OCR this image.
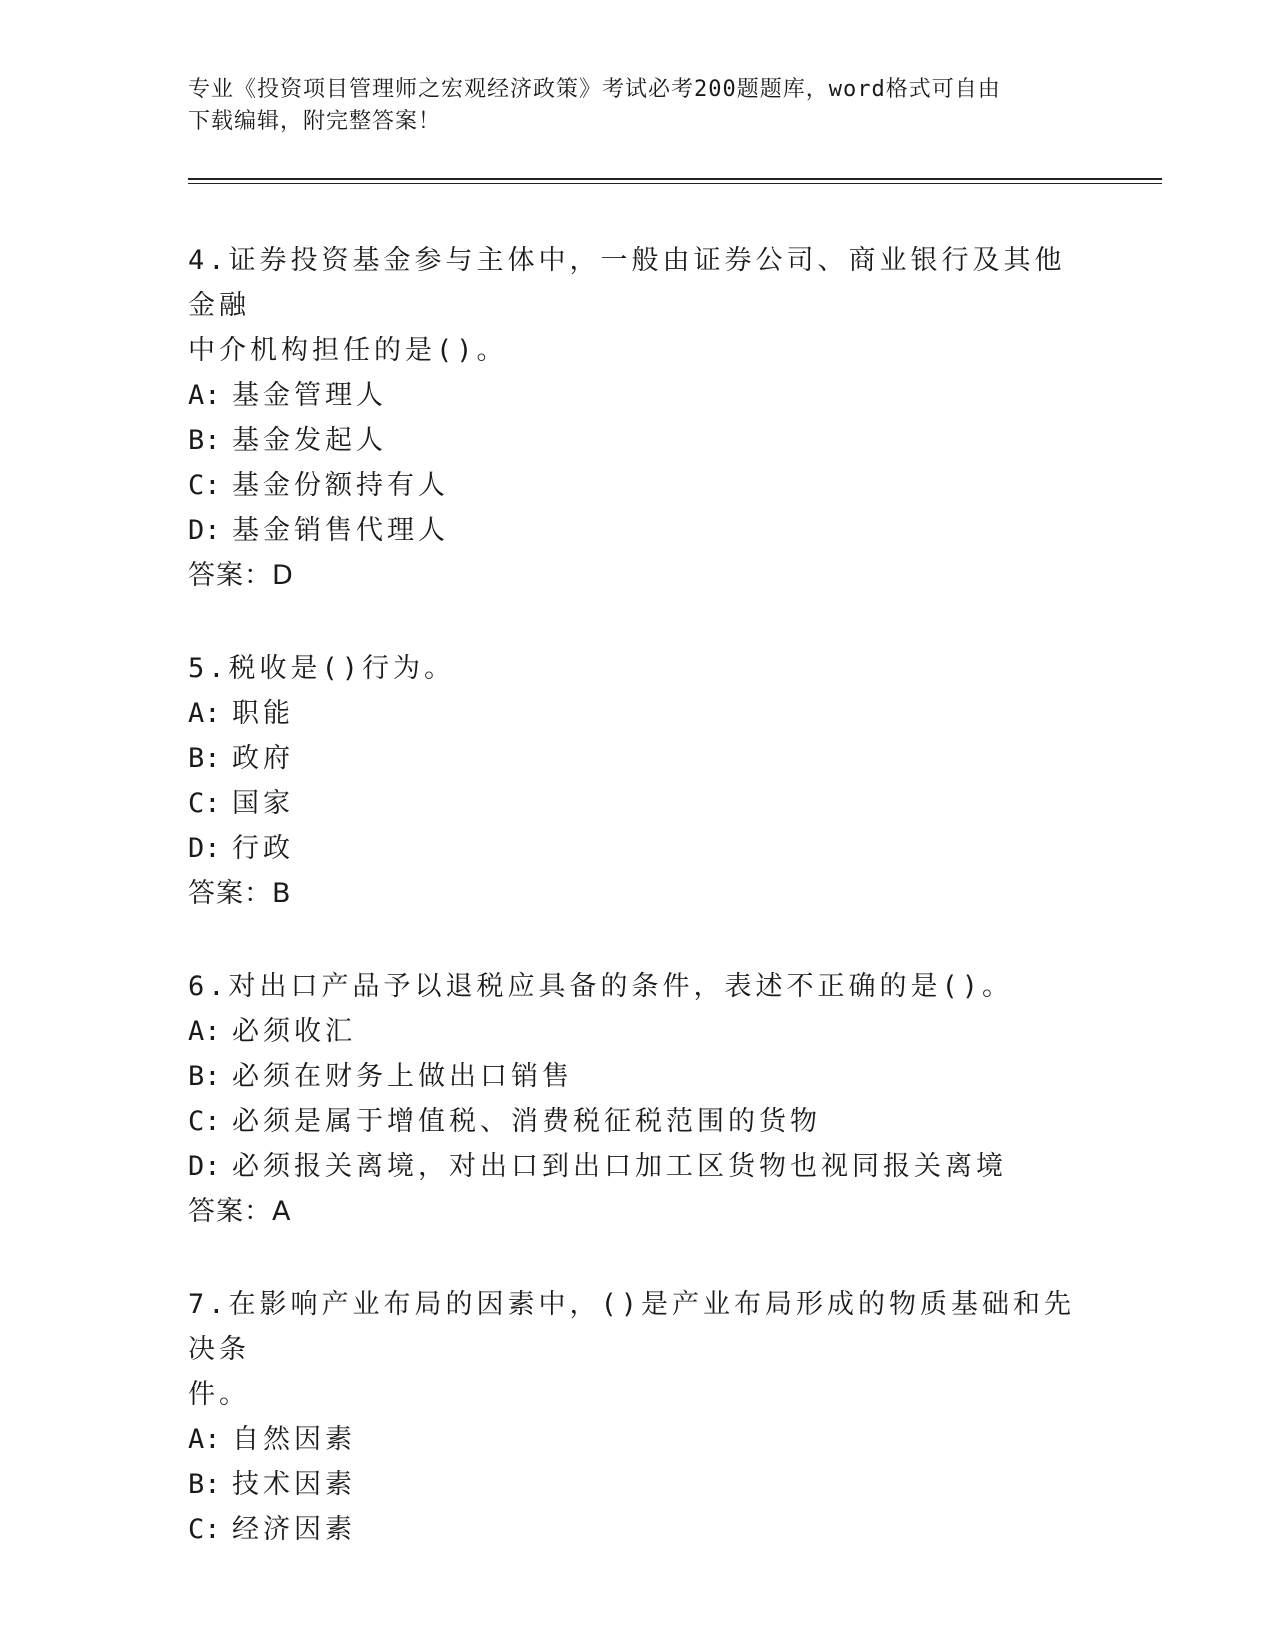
专业《投资项目管理师之宏观经济政策》考试必考200题题库，word格式可自由
下载编辑，附完整答案！

4.证券投资基金参与主体中，一般由证券公司、商业银行及其他金融
中介机构担任的是()。

A: 基金管理人

B: 基金发起人

C: 基金份额持有人

D: 基金销售代理人

答案：D

5.税收是()行为。

A: 职能

B: 政府

C: 国家

D: 行政

答案：B

6.对出口产品予以退税应具备的条件，表述不正确的是()。

A: 必须收汇

B: 必须在财务上做出口销售

C: 必须是属于增值税、消费税征税范围的货物

D: 必须报关离境，对出口到出口加工区货物也视同报关离境

答案：A

7.在影响产业布局的因素中，()是产业布局形成的物质基础和先决条
件。

A: 自然因素

B: 技术因素

C: 经济因素
